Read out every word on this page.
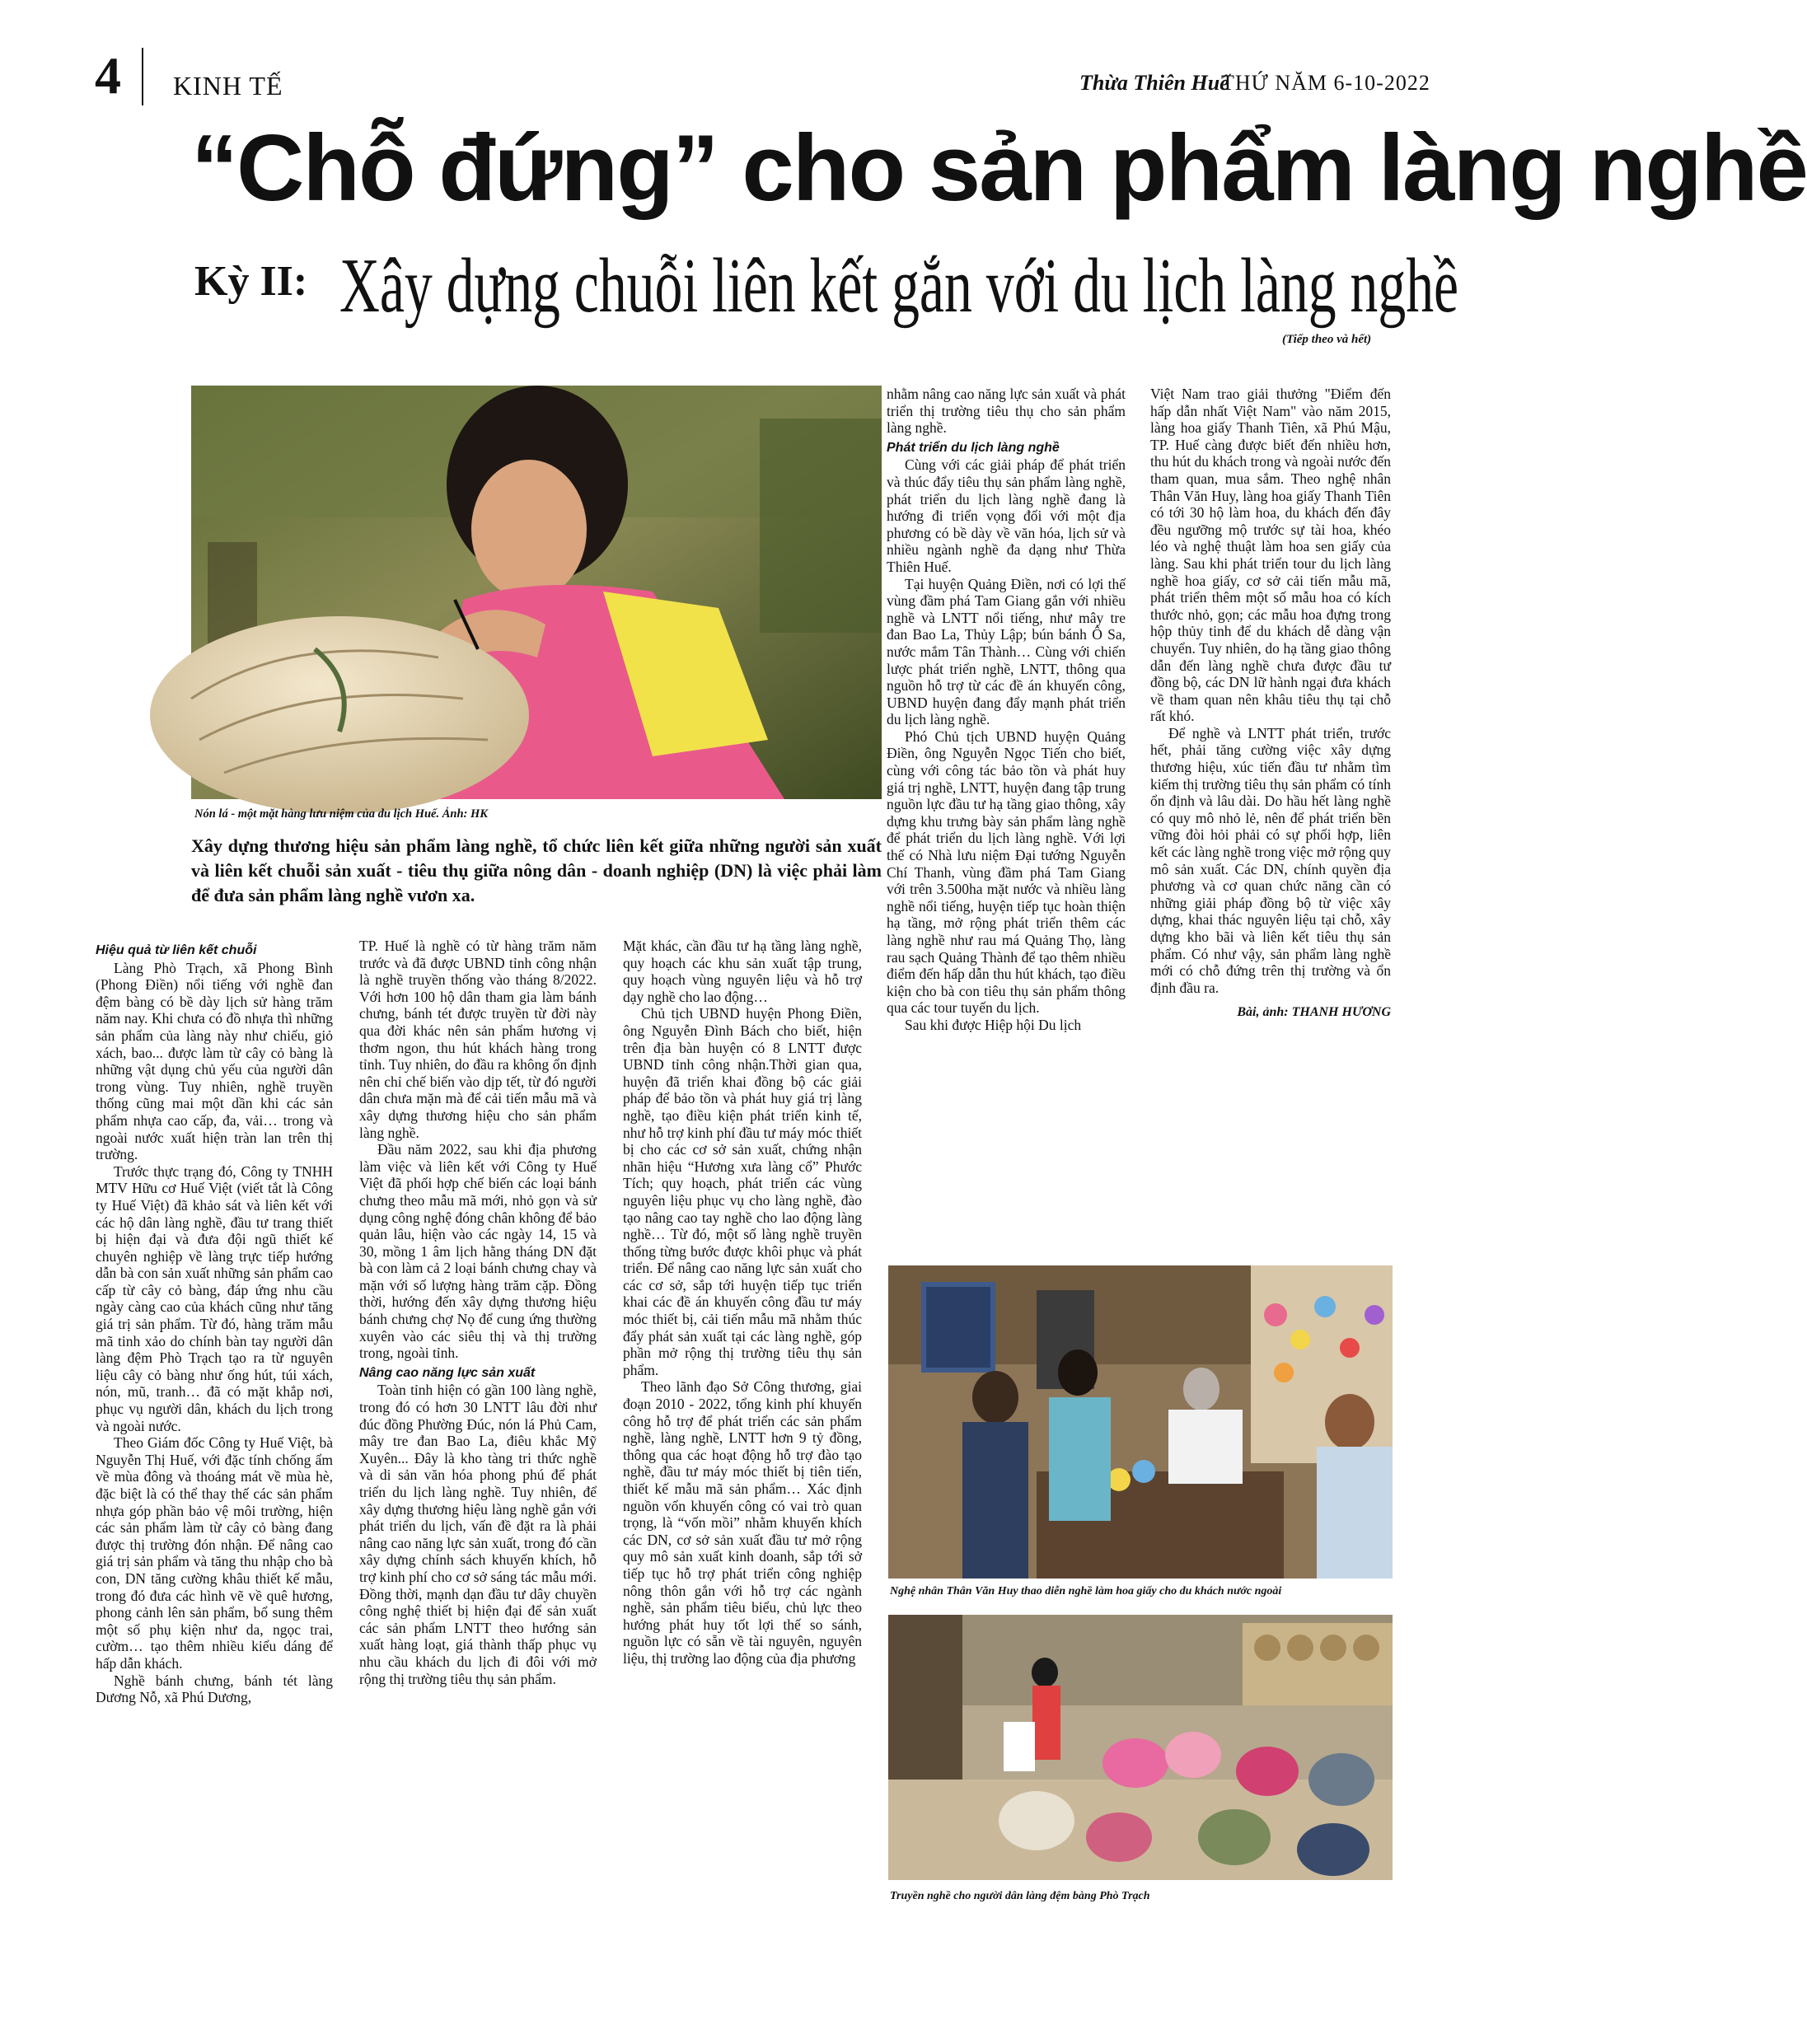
4 KINH TẾ	Thừa Thiên Huế
THỨ NĂM 6-10-2022
“Chỗ đứng” cho sản phẩm làng nghề
Kỳ II: Xây dựng chuỗi liên kết gắn với du lịch làng nghề
(Tiếp theo và hết)
Nón lá - một mặt hàng lưu niệm của du lịch Huế. Ảnh: HK
Xây dựng thương hiệu sản phẩm làng nghề, tổ chức liên kết giữa những người sản xuất và liên kết chuỗi sản xuất - tiêu thụ giữa nông dân - doanh nghiệp (DN) là việc phải làm để đưa sản phẩm làng nghề vươn xa.
Hiệu quả từ liên kết chuỗi

Làng Phò Trạch, xã Phong Bình (Phong Điền) nổi tiếng với nghề đan đệm bàng có bề dày lịch sử hàng trăm năm nay. Khi chưa có đồ nhựa thì những sản phẩm của làng này như chiếu, giỏ xách, bao... được làm từ cây cỏ bàng là những vật dụng chủ yếu của người dân trong vùng. Tuy nhiên, nghề truyền thống cũng mai một dần khi các sản phẩm nhựa cao cấp, đa, vải… trong và ngoài nước xuất hiện tràn lan trên thị trường.

Trước thực trạng đó, Công ty TNHH MTV Hữu cơ Huế Việt (viết tắt là Công ty Huế Việt) đã khảo sát và liên kết với các hộ dân làng nghề, đầu tư trang thiết bị hiện đại và đưa đội ngũ thiết kế chuyên nghiệp về làng trực tiếp hướng dẫn bà con sản xuất những sản phẩm cao cấp từ cây cỏ bàng, đáp ứng nhu cầu ngày càng cao của khách cũng như tăng giá trị sản phẩm. Từ đó, hàng trăm mẫu mã tinh xảo do chính bàn tay người dân làng đệm Phò Trạch tạo ra từ nguyên liệu cây cỏ bàng như ống hút, túi xách, nón, mũ, tranh… đã có mặt khắp nơi, phục vụ người dân, khách du lịch trong và ngoài nước.

Theo Giám đốc Công ty Huế Việt, bà Nguyễn Thị Huế, với đặc tính chống ẩm về mùa đông và thoáng mát về mùa hè, đặc biệt là có thể thay thế các sản phẩm nhựa góp phần bảo vệ môi trường, hiện các sản phẩm làm từ cây cỏ bàng đang được thị trường đón nhận. Để nâng cao giá trị sản phẩm và tăng thu nhập cho bà con, DN tăng cường khâu thiết kế mẫu, trong đó đưa các hình vẽ về quê hương, phong cảnh lên sản phẩm, bổ sung thêm một số phụ kiện như da, ngọc trai, cườm… tạo thêm nhiều kiểu dáng để hấp dẫn khách.

Nghề bánh chưng, bánh tét làng Dương Nỗ, xã Phú Dương,

TP. Huế là nghề có từ hàng trăm năm trước và đã được UBND tỉnh công nhận là nghề truyền thống vào tháng 8/2022. Với hơn 100 hộ dân tham gia làm bánh chưng, bánh tét được truyền từ đời này qua đời khác nên sản phẩm hương vị thơm ngon, thu hút khách hàng trong tỉnh. Tuy nhiên, do đầu ra không ổn định nên chỉ chế biến vào dịp tết, từ đó người dân chưa mặn mà để cải tiến mẫu mã và xây dựng thương hiệu cho sản phẩm làng nghề.

Đầu năm 2022, sau khi địa phương làm việc và liên kết với Công ty Huế Việt đã phối hợp chế biến các loại bánh chưng theo mẫu mã mới, nhỏ gọn và sử dụng công nghệ đóng chân không để bảo quản lâu, hiện vào các ngày 14, 15 và 30, mồng 1 âm lịch hằng tháng DN đặt bà con làm cả 2 loại bánh chưng chay và mặn với số lượng hàng trăm cặp. Đồng thời, hướng đến xây dựng thương hiệu bánh chưng chợ Nọ để cung ứng thường xuyên vào các siêu thị và thị trường trong, ngoài tỉnh.

Nâng cao năng lực sản xuất

Toàn tỉnh hiện có gần 100 làng nghề, trong đó có hơn 30 LNTT lâu đời như đúc đồng Phường Đúc, nón lá Phủ Cam, mây tre đan Bao La, điêu khắc Mỹ Xuyên... Đây là kho tàng tri thức nghề và di sản văn hóa phong phú để phát triển du lịch làng nghề. Tuy nhiên, để xây dựng thương hiệu làng nghề gắn với phát triển du lịch, vấn đề đặt ra là phải nâng cao năng lực sản xuất, trong đó cần xây dựng chính sách khuyến khích, hỗ trợ kinh phí cho cơ sở sáng tác mẫu mới. Đồng thời, mạnh dạn đầu tư dây chuyền công nghệ thiết bị hiện đại để sản xuất các sản phẩm LNTT theo hướng sản xuất hàng loạt, giá thành thấp phục vụ nhu cầu khách du lịch đi đôi với mở rộng thị trường tiêu thụ sản phẩm.

Mặt khác, cần đầu tư hạ tầng làng nghề, quy hoạch các khu sản xuất tập trung, quy hoạch vùng nguyên liệu và hỗ trợ dạy nghề cho lao động…

Chủ tịch UBND huyện Phong Điền, ông Nguyễn Đình Bách cho biết, hiện trên địa bàn huyện có 8 LNTT được UBND tỉnh công nhận.Thời gian qua, huyện đã triển khai đồng bộ các giải pháp để bảo tồn và phát huy giá trị làng nghề, tạo điều kiện phát triển kinh tế, như hỗ trợ kinh phí đầu tư máy móc thiết bị cho các cơ sở sản xuất, chứng nhận nhãn hiệu “Hương xưa làng cổ” Phước Tích; quy hoạch, phát triển các vùng nguyên liệu phục vụ cho làng nghề, đào tạo nâng cao tay nghề cho lao động làng nghề… Từ đó, một số làng nghề truyền thống từng bước được khôi phục và phát triển. Để nâng cao năng lực sản xuất cho các cơ sở, sắp tới huyện tiếp tục triển khai các đề án khuyến công đầu tư máy móc thiết bị, cải tiến mẫu mã nhằm thúc đẩy phát sản xuất tại các làng nghề, góp phần mở rộng thị trường tiêu thụ sản phẩm.

Theo lãnh đạo Sở Công thương, giai đoạn 2010 - 2022, tổng kinh phí khuyến công hỗ trợ để phát triển các sản phẩm nghề, làng nghề, LNTT hơn 9 tỷ đồng, thông qua các hoạt động hỗ trợ đào tạo nghề, đầu tư máy móc thiết bị tiên tiến, thiết kế mẫu mã sản phẩm… Xác định nguồn vốn khuyến công có vai trò quan trọng, là “vốn mồi” nhằm khuyến khích các DN, cơ sở sản xuất đầu tư mở rộng quy mô sản xuất kinh doanh, sắp tới sở tiếp tục hỗ trợ phát triển công nghiệp nông thôn gắn với hỗ trợ các ngành nghề, sản phẩm tiêu biểu, chủ lực theo hướng phát huy tốt lợi thế so sánh, nguồn lực có sẵn về tài nguyên, nguyên liệu, thị trường lao động của địa phương

nhằm nâng cao năng lực sản xuất và phát triển thị trường tiêu thụ cho sản phẩm làng nghề.

Phát triển du lịch làng nghề

Cùng với các giải pháp để phát triển và thúc đẩy tiêu thụ sản phẩm làng nghề, phát triển du lịch làng nghề đang là hướng đi triển vọng đối với một địa phương có bề dày về văn hóa, lịch sử và nhiều ngành nghề đa dạng như Thừa Thiên Huế.

Tại huyện Quảng Điền, nơi có lợi thế vùng đầm phá Tam Giang gắn với nhiều nghề và LNTT nổi tiếng, như mây tre đan Bao La, Thủy Lập; bún bánh Ô Sa, nước mắm Tân Thành… Cùng với chiến lược phát triển nghề, LNTT, thông qua nguồn hỗ trợ từ các đề án khuyến công, UBND huyện đang đẩy mạnh phát triển du lịch làng nghề.

Phó Chủ tịch UBND huyện Quảng Điền, ông Nguyễn Ngọc Tiến cho biết, cùng với công tác bảo tồn và phát huy giá trị nghề, LNTT, huyện đang tập trung nguồn lực đầu tư hạ tầng giao thông, xây dựng khu trưng bày sản phẩm làng nghề để phát triển du lịch làng nghề. Với lợi thế có Nhà lưu niệm Đại tướng Nguyễn Chí Thanh, vùng đầm phá Tam Giang với trên 3.500ha mặt nước và nhiều làng nghề nổi tiếng, huyện tiếp tục hoàn thiện hạ tầng, mở rộng phát triển thêm các làng nghề như rau má Quảng Thọ, làng rau sạch Quảng Thành để tạo thêm nhiều điểm đến hấp dẫn thu hút khách, tạo điều kiện cho bà con tiêu thụ sản phẩm thông qua các tour tuyến du lịch.

Sau khi được Hiệp hội Du lịch

Việt Nam trao giải thưởng "Điểm đến hấp dẫn nhất Việt Nam" vào năm 2015, làng hoa giấy Thanh Tiên, xã Phú Mậu, TP. Huế càng được biết đến nhiều hơn, thu hút du khách trong và ngoài nước đến tham quan, mua sắm. Theo nghệ nhân Thân Văn Huy, làng hoa giấy Thanh Tiên có tới 30 hộ làm hoa, du khách đến đây đều ngưỡng mộ trước sự tài hoa, khéo léo và nghệ thuật làm hoa sen giấy của làng. Sau khi phát triển tour du lịch làng nghề hoa giấy, cơ sở cải tiến mẫu mã, phát triển thêm một số mẫu hoa có kích thước nhỏ, gọn; các mẫu hoa đựng trong hộp thủy tinh để du khách dễ dàng vận chuyển. Tuy nhiên, do hạ tầng giao thông dẫn đến làng nghề chưa được đầu tư đồng bộ, các DN lữ hành ngại đưa khách về tham quan nên khâu tiêu thụ tại chỗ rất khó.

Để nghề và LNTT phát triển, trước hết, phải tăng cường việc xây dựng thương hiệu, xúc tiến đầu tư nhằm tìm kiếm thị trường tiêu thụ sản phẩm có tính ổn định và lâu dài. Do hầu hết làng nghề có quy mô nhỏ lẻ, nên để phát triển bền vững đòi hỏi phải có sự phối hợp, liên kết các làng nghề trong việc mở rộng quy mô sản xuất. Các DN, chính quyền địa phương và cơ quan chức năng cần có những giải pháp đồng bộ từ việc xây dựng, khai thác nguyên liệu tại chỗ, xây dựng kho bãi và liên kết tiêu thụ sản phẩm. Có như vậy, sản phẩm làng nghề mới có chỗ đứng trên thị trường và ổn định đầu ra.

Bài, ảnh: THANH HƯƠNG

Nghệ nhân Thân Văn Huy thao diễn nghề làm hoa giấy cho du khách nước ngoài
Truyền nghề cho người dân làng đệm bàng Phò Trạch
